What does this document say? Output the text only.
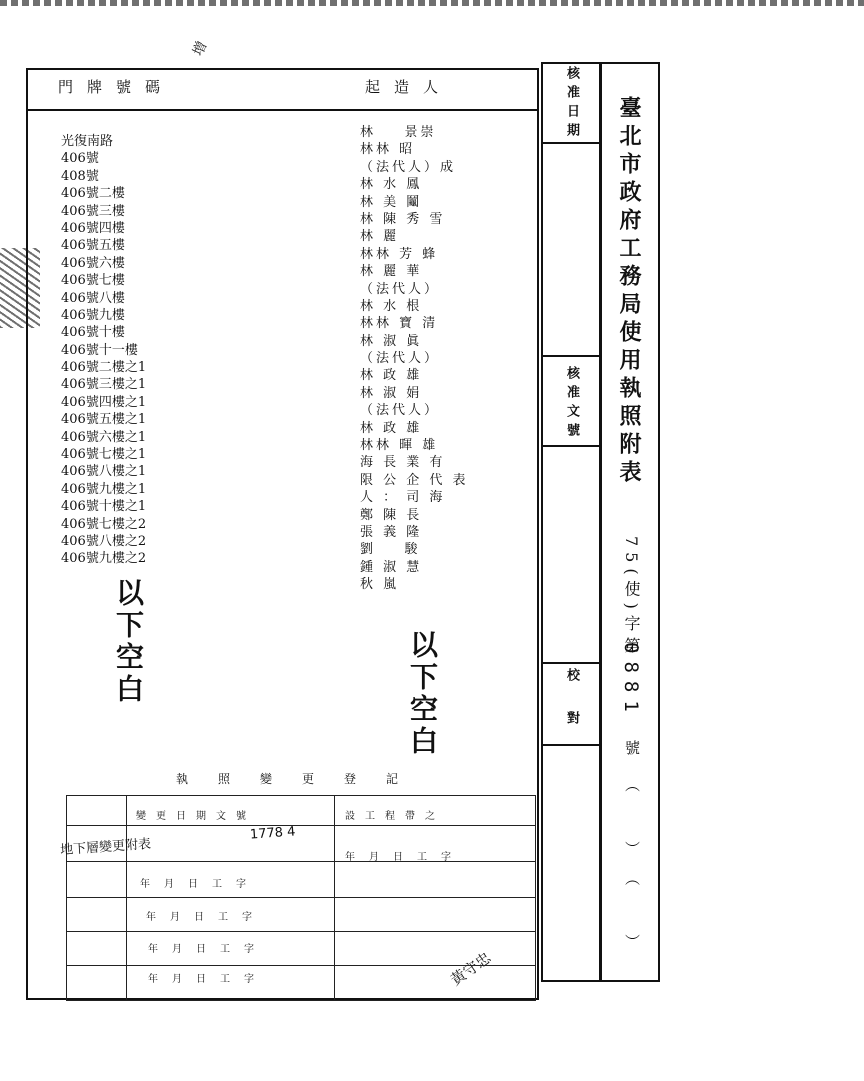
門牌號碼	起造人
光復南路
406號
408號
406號二樓
406號三樓
406號四樓
406號五樓
406號六樓
406號七樓
406號八樓
406號九樓
406號十樓
406號十一樓
406號二樓之1
406號三樓之1
406號四樓之1
406號五樓之1
406號六樓之1
406號七樓之1
406號八樓之1
406號九樓之1
406號十樓之1
406號七樓之2
406號八樓之2
406號九樓之2
林    景崇
林林 昭
（法代人）成
林 水 鳳
林 美 鬮
林 陳 秀 雪
林 麗
林林 芳 蜂
林 麗 華
（法代人）
林 水 根
林林 寶 清
林 淑 眞
（法代人）
林 政 雄
林 淑 娟
（法代人）
林 政 雄
林林 暉 雄
海 長 業 有
限 公 企 代 表
人 ： 司 海
鄭 陳 長
張 義 隆
劉    駿
鍾 淑 慧
秋 嵐
以下空白	以下空白
核准日期
核准文號
校對
臺北市政府工務局使用執照附表
75(使)字第
0881
號（ ）（ ）
執照變更登記
變更日期文號	設工程帶之
年月日工字
年月日工字
年月日工字
年月日工字
年月日工字
地下層變更附表
1778 4
增
黃守忠
